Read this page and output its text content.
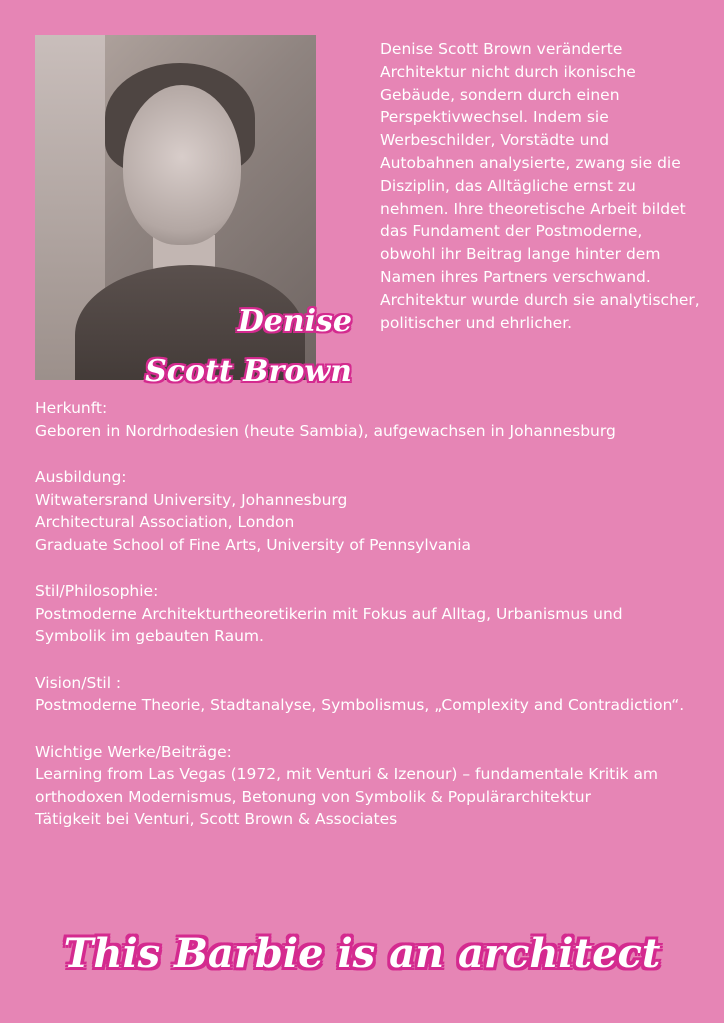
Denise
Scott Brown

Denise Scott Brown veränderte Architektur nicht durch ikonische Gebäude, sondern durch einen Perspektivwechsel. Indem sie Werbeschilder, Vorstädte und Autobahnen analysierte, zwang sie die Disziplin, das Alltägliche ernst zu nehmen. Ihre theoretische Arbeit bildet das Fundament der Postmoderne, obwohl ihr Beitrag lange hinter dem Namen ihres Partners verschwand. Architektur wurde durch sie analytischer, politischer und ehrlicher.

Herkunft:
Geboren in Nordrhodesien (heute Sambia), aufgewachsen in Johannesburg
Ausbildung:
Witwatersrand University, Johannesburg
Architectural Association, London
Graduate School of Fine Arts, University of Pennsylvania
Stil/Philosophie:
Postmoderne Architekturtheoretikerin mit Fokus auf Alltag, Urbanismus und Symbolik im gebauten Raum.
Vision/Stil :
Postmoderne Theorie, Stadtanalyse, Symbolismus, „Complexity and Contradiction“.
Wichtige Werke/Beiträge:
Learning from Las Vegas (1972, mit Venturi & Izenour) – fundamentale Kritik am orthodoxen Modernismus, Betonung von Symbolik & Populärarchitektur
Tätigkeit bei Venturi, Scott Brown & Associates
This Barbie is an architect
